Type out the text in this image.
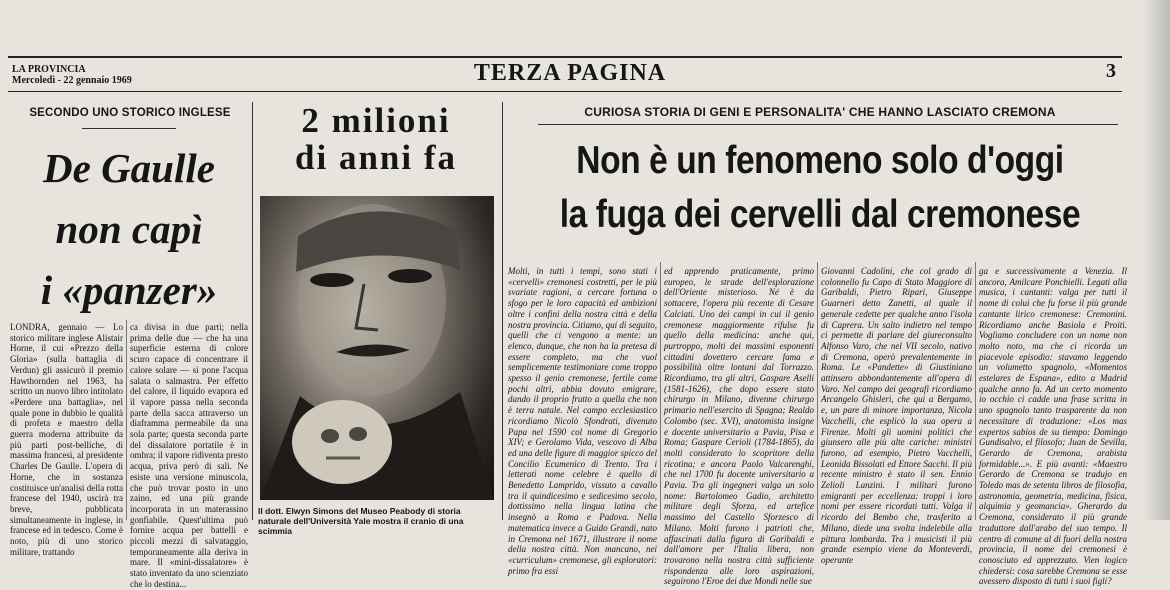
LA PROVINCIA
Mercoledì - 22 gennaio 1969	TERZA PAGINA	3
SECONDO UNO STORICO INGLESE
De Gaulle
non capì
i «panzer»
LONDRA, gennaio — Lo storico militare inglese Alistair Horne, il cui «Prezzo della Gloria» (sulla battaglia di Verdun) gli assicurò il premio Hawthornden nel 1963, ha scritto un nuovo libro intitolato «Perdere una battaglia», nel quale pone in dubbio le qualità di profeta e maestro della guerra moderna attribuite da più parti post-belliche, di massima francesi, al presidente Charles De Gaulle. L'opera di Horne, che in sostanza costituisce un'analisi della rotta francese del 1940, uscirà tra breve, pubblicata simultaneamente in inglese, in francese ed in tedesco. Come è noto, più di uno storico militare, trattando
ca divisa in due parti; nella prima delle due — che ha una superficie esterna di colore scuro capace di concentrare il calore solare — si pone l'acqua salata o salmastra. Per effetto del calore, il liquido evapora ed il vapore passa nella seconda parte della sacca attraverso un diaframma permeabile da una sola parte; questa seconda parte del dissalatore portatile è in ombra; il vapore ridiventa presto acqua, priva però di sali. Ne esiste una versione minuscola, che può trovar posto in uno zaino, ed una più grande incorporata in un materassino gonfiabile. Quest'ultima può fornire acqua per battelli e piccoli mezzi di salvataggio, temporaneamente alla deriva in mare. Il «mini-dissalatore» è stato inventato da uno scienziato che lo destina...
2 milioni
di anni fa
Il dott. Elwyn Simons del Museo Peabody di storia naturale dell'Università Yale mostra il cranio di una scimmia
CURIOSA STORIA DI GENI E PERSONALITA' CHE HANNO LASCIATO CREMONA
Non è un fenomeno solo d'oggi
la fuga dei cervelli dal cremonese
Molti, in tutti i tempi, sono stati i «cervelli» cremonesi costretti, per le più svariate ragioni, a cercare fortuna o sfogo per le loro capacità ed ambizioni oltre i confini della nostra città e della nostra provincia. Citiamo, qui di seguito, quelli che ci vengono a mente: un elenco, dunque, che non ha la pretesa di essere completo, ma che vuol semplicemente testimoniare come troppo spesso il genio cremonese, fertile come pochi altri, abbia dovuto emigrare, dando il proprio frutto a quella che non è terra natale. Nel campo ecclesiastico ricordiamo Nicolò Sfondrati, divenuto Papa nel 1590 col nome di Gregorio XIV; e Gerolamo Vida, vescovo di Alba ed una delle figure di maggior spicco del Concilio Ecumenico di Trento. Tra i letterati nome celebre è quello di Benedetto Lamprido, vissuto a cavallo tra il quindicesimo e sedicesimo secolo, dottissimo nella lingua latina che insegnò a Roma e Padova. Nella matematica invece a Guido Grandi, nato in Cremona nel 1671, illustrare il nome della nostra città. Non mancano, nei «curriculum» cremonese, gli esploratori: primo fra essi
ed apprendo praticamente, primo europeo, le strade dell'esplorazione dell'Oriente misterioso. Né è da sottacere, l'opera più recente di Cesare Calciati. Uno dei campi in cui il genio cremonese maggiormente rifulse fu quello della medicina: anche qui, purtroppo, molti dei massimi esponenti cittadini dovettero cercare fama e possibilità oltre lontani dal Torrazzo. Ricordiamo, tra gli altri, Gaspare Aselli (1581-1626), che dopo essere stato chirurgo in Milano, divenne chirurgo primario nell'esercito di Spagna; Realdo Colombo (sec. XVI), anatomista insigne e docente universitario a Pavia, Pisa e Roma; Gaspare Cerioli (1784-1865), da molti considerato lo scopritore della ricotina; e ancora Paolo Valcarenghi, che nel 1700 fu docente universitario a Pavia. Tra gli ingegneri valga un solo nome: Bartolomeo Gadio, architetto militare degli Sforza, ed artefice massimo del Castello Sforzesco di Milano. Molti furono i patrioti che, affascinati dalla figura di Garibaldi e dall'amore per l'Italia libera, non trovarono nella nostra città sufficiente rispondenza alle loro aspirazioni, seguirono l'Eroe dei due Mondi nelle sue
Giovanni Cadolini, che col grado di colonnello fu Capo di Stato Maggiore di Garibaldi, Pietro Ripari, Giuseppe Guarneri detto Zanetti, al quale il generale cedette per qualche anno l'isola di Caprera. Un salto indietro nel tempo ci permette di parlare del giureconsulto Alfonso Varo, che nel VII secolo, nativo di Cremona, operò prevalentemente in Roma. Le «Pandette» di Giustiniano attinsero abbondantemente all'opera di Varo. Nel campo dei geografi ricordiamo Arcangelo Ghisleri, che qui a Bergamo, e, un pare di minore importanza, Nicola Vacchelli, che esplicò la sua opera a Firenze. Molti gli uomini politici che giunsero alle più alte cariche: ministri furono, ad esempio, Pietro Vacchelli, Leonida Bissolati ed Ettore Sacchi. Il più recente ministro è stato il sen. Ennio Zelioli Lanzini. I militari furono emigranti per eccellenza: troppi i loro nomi per essere ricordati tutti. Valga il ricordo del Bembo che, trasferito a Milano, diede una svolta indelebile alla pittura lombarda. Tra i musicisti il più grande esempio viene da Monteverdi, operante
ga e successivamente a Venezia. Il ancora, Amilcare Ponchielli. Legati alla musica, i cantanti: valga per tutti il nome di colui che fu forse il più grande cantante lirico cremonese: Cremonini. Ricordiamo anche Basiola e Proiti. Vogliamo concludere con un nome non molto noto, ma che ci ricorda un piacevole episodio: stavamo leggendo un volumetto spagnolo, «Momentos estelares de Espana», edito a Madrid qualche anno fa. Ad un certo momento io occhio ci cadde una frase scritta in uno spagnolo tanto trasparente da non necessitare di traduzione: «Los mas expertos sabios de su tiempo: Domingo Gundisalvo, el filosofo; Juan de Sevilla, Gerardo de Cremona, arabista formidable...». E più avanti: «Maestro Gerardo de Cremona se tradujo en Toledo mas de setenta libros de filosofia, astronomia, geometria, medicina, fisica, alquimia y geomancia». Gherardo da Cremona, considerato il più grande traduttore dall'arabo del suo tempo. Il centro di comune al di fuori della nostra provincia, il nome dei cremonesi è conosciuto ed apprezzato. Vien logico chiedersi: cosa sarebbe Cremona se esse avessero disposto di tutti i suoi figli?
